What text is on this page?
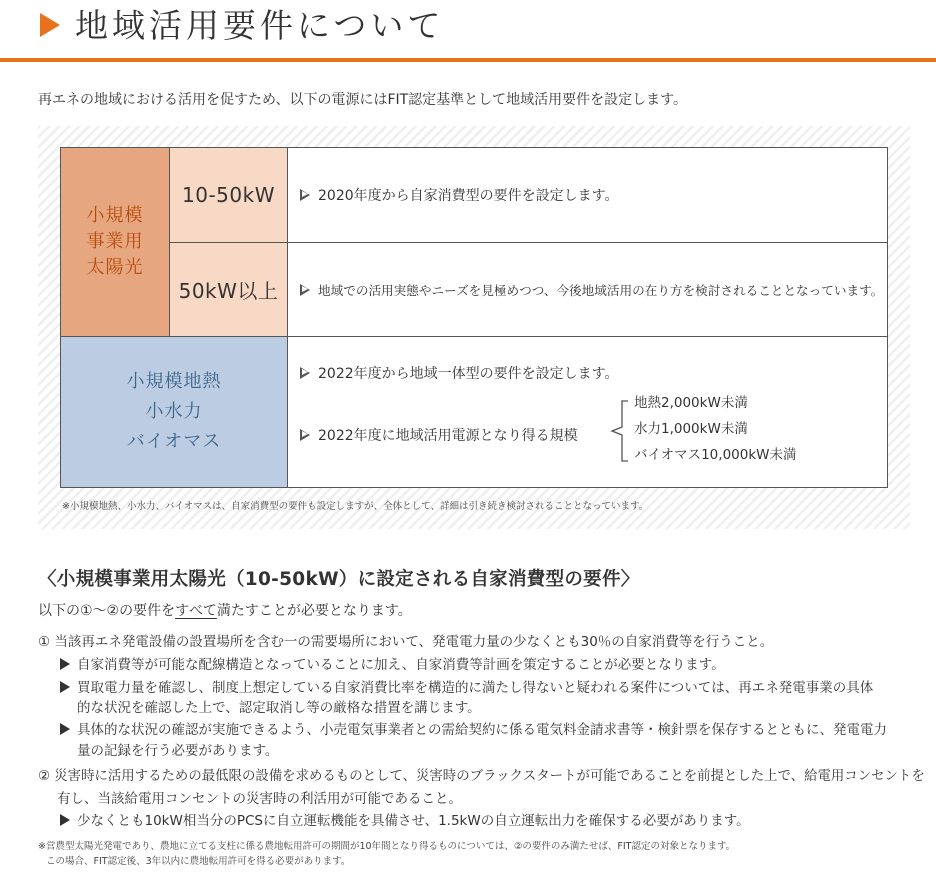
地域活用要件について

再エネの地域における活用を促すため、以下の電源にはFIT認定基準として地域活用要件を設定します。

小規模
事業用
太陽光
10-50kW	2020年度から自家消費型の要件を設定します。
50kW以上	地域での活用実態やニーズを見極めつつ、今後地域活用の在り方を検討されることとなっています。
小規模地熱
小水力
バイオマス
2022年度から地域一体型の要件を設定します。
2022年度に地域活用電源となり得る規模
地熱2,000kW未満
水力1,000kW未満
バイオマス10,000kW未満

※小規模地熱、小水力、バイオマスは、自家消費型の要件も設定しますが、全体として、詳細は引き続き検討されることとなっています。

〈小規模事業用太陽光（10-50kW）に設定される自家消費型の要件〉

以下の①～②の要件をすべて満たすことが必要となります。

① 当該再エネ発電設備の設置場所を含む一の需要場所において、発電電力量の少なくとも30％の自家消費等を行うこと。

自家消費等が可能な配線構造となっていることに加え、自家消費等計画を策定することが必要となります。

買取電力量を確認し、制度上想定している自家消費比率を構造的に満たし得ないと疑われる案件については、再エネ発電事業の具体

的な状況を確認した上で、認定取消し等の厳格な措置を講じます。

具体的な状況の確認が実施できるよう、小売電気事業者との需給契約に係る電気料金請求書等・検針票を保存するとともに、発電電力

量の記録を行う必要があります。

② 災害時に活用するための最低限の設備を求めるものとして、災害時のブラックスタートが可能であることを前提とした上で、給電用コンセントを

有し、当該給電用コンセントの災害時の利活用が可能であること。

少なくとも10kW相当分のPCSに自立運転機能を具備させ、1.5kWの自立運転出力を確保する必要があります。

※営農型太陽光発電であり、農地に立てる支柱に係る農地転用許可の期間が10年間となり得るものについては、②の要件のみ満たせば、FIT認定の対象となります。

この場合、FIT認定後、3年以内に農地転用許可を得る必要があります。
